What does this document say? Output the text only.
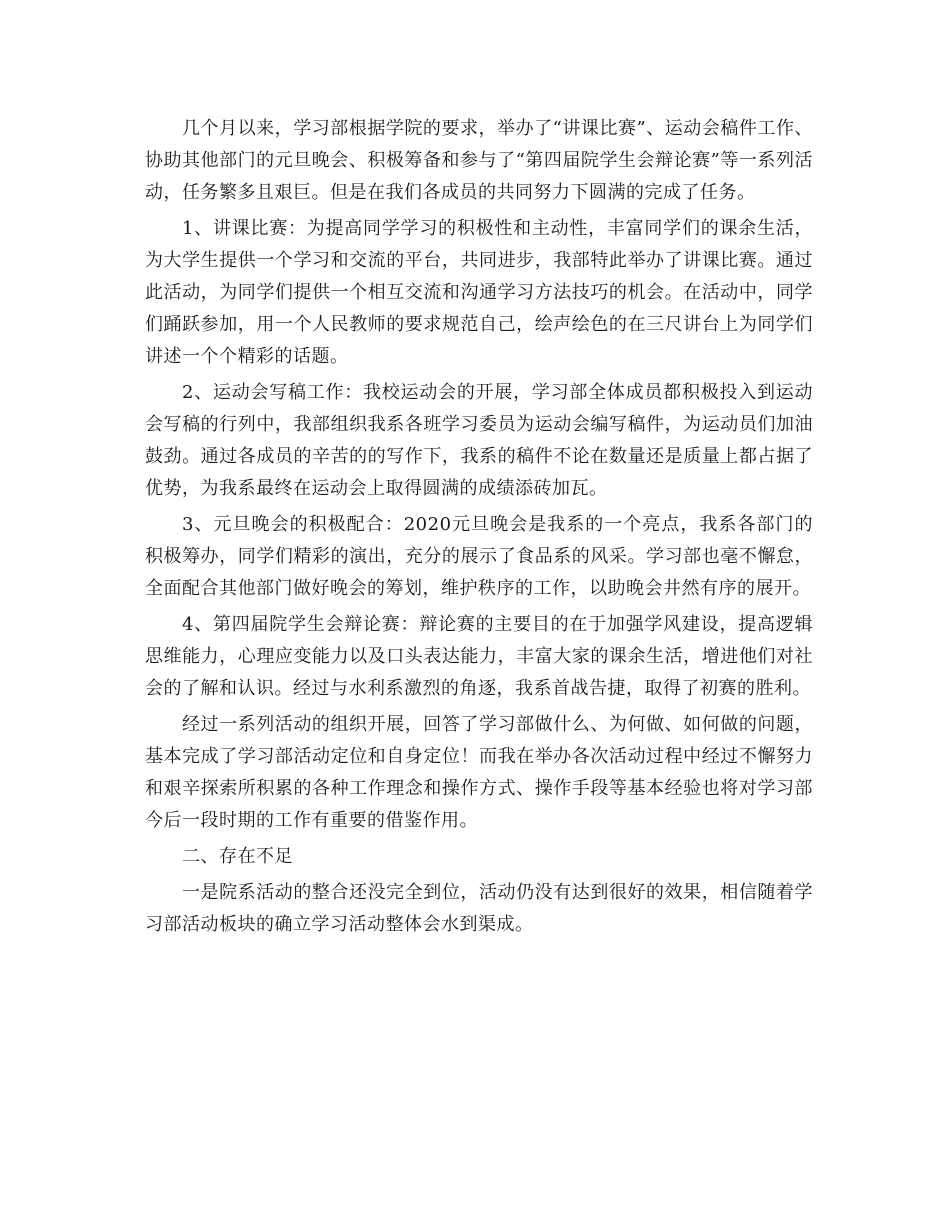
几个月以来，学习部根据学院的要求，举办了“讲课比赛”、运动会稿件工作、协助其他部门的元旦晚会、积极筹备和参与了“第四届院学生会辩论赛”等一系列活动，任务繁多且艰巨。但是在我们各成员的共同努力下圆满的完成了任务。

1、讲课比赛：为提高同学学习的积极性和主动性，丰富同学们的课余生活，为大学生提供一个学习和交流的平台，共同进步，我部特此举办了讲课比赛。通过此活动，为同学们提供一个相互交流和沟通学习方法技巧的机会。在活动中，同学们踊跃参加，用一个人民教师的要求规范自己，绘声绘色的在三尺讲台上为同学们讲述一个个精彩的话题。

2、运动会写稿工作：我校运动会的开展，学习部全体成员都积极投入到运动会写稿的行列中，我部组织我系各班学习委员为运动会编写稿件，为运动员们加油鼓劲。通过各成员的辛苦的的写作下，我系的稿件不论在数量还是质量上都占据了优势，为我系最终在运动会上取得圆满的成绩添砖加瓦。

3、元旦晚会的积极配合：2020元旦晚会是我系的一个亮点，我系各部门的积极筹办，同学们精彩的演出，充分的展示了食品系的风采。学习部也毫不懈怠，全面配合其他部门做好晚会的筹划，维护秩序的工作，以助晚会井然有序的展开。

4、第四届院学生会辩论赛：辩论赛的主要目的在于加强学风建设，提高逻辑思维能力，心理应变能力以及口头表达能力，丰富大家的课余生活，增进他们对社会的了解和认识。经过与水利系激烈的角逐，我系首战告捷，取得了初赛的胜利。

经过一系列活动的组织开展，回答了学习部做什么、为何做、如何做的问题，基本完成了学习部活动定位和自身定位！而我在举办各次活动过程中经过不懈努力和艰辛探索所积累的各种工作理念和操作方式、操作手段等基本经验也将对学习部今后一段时期的工作有重要的借鉴作用。

二、存在不足

一是院系活动的整合还没完全到位，活动仍没有达到很好的效果，相信随着学习部活动板块的确立学习活动整体会水到渠成。
